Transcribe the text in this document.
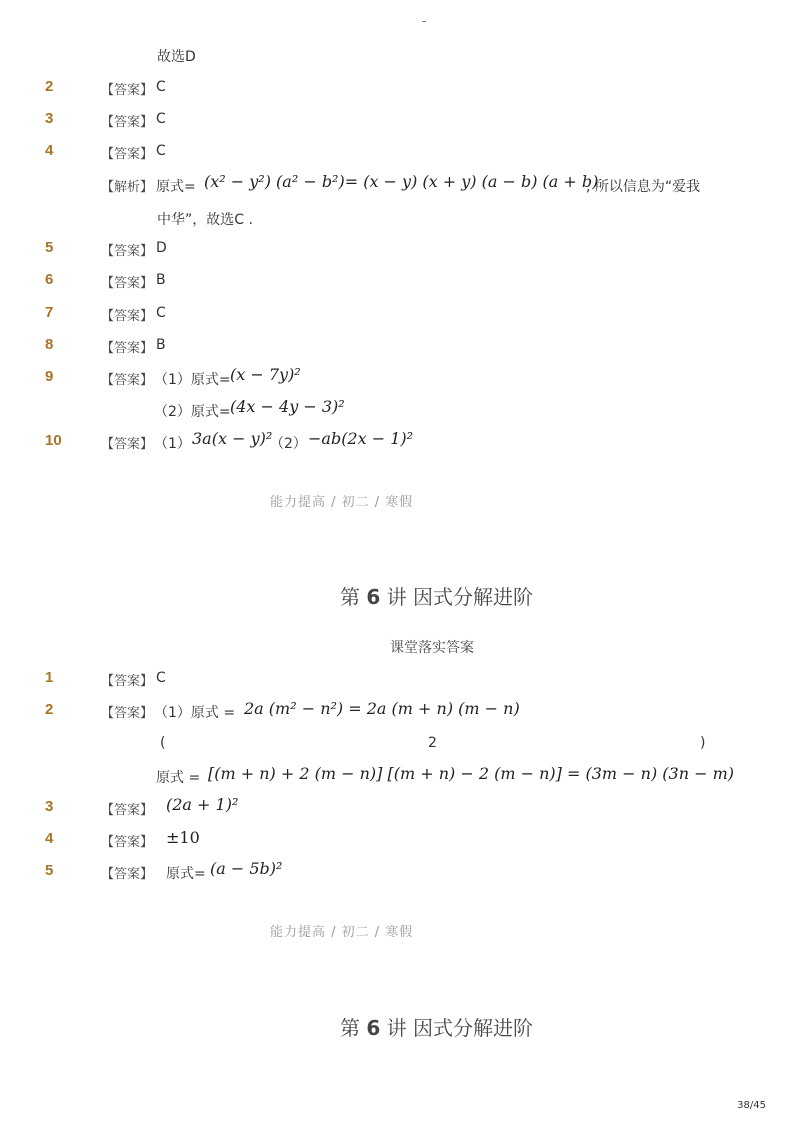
-
故选D
2	【答案】 C
3	【答案】 C
4	【答案】 C
【解析】 原式= (x² − y²) (a² − b²)= (x − y) (x + y) (a − b) (a + b)
, 所以信息为“爱我
中华”，故选C .
5	【答案】 D
6	【答案】 B
7	【答案】 C
8	【答案】 B
9	【答案】 （1）原式= (x − 7y)²
（2）原式= (4x − 4y − 3)²
10	【答案】 （1） 3a(x − y)²
（2） −ab(2x − 1)²
能力提高 / 初二 / 寒假
第 6 讲 因式分解进阶
课堂落实答案
1	【答案】 C
2	【答案】 （1）原式 = 2a (m² − n²) = 2a (m + n) (m − n)
(	2	)
原式 = [(m + n) + 2 (m − n)] [(m + n) − 2 (m − n)] = (3m − n) (3n − m)
3	【答案】 (2a + 1)²
4	【答案】 ±10
5	【答案】 原式= (a − 5b)²
能力提高 / 初二 / 寒假
第 6 讲 因式分解进阶
38/45
